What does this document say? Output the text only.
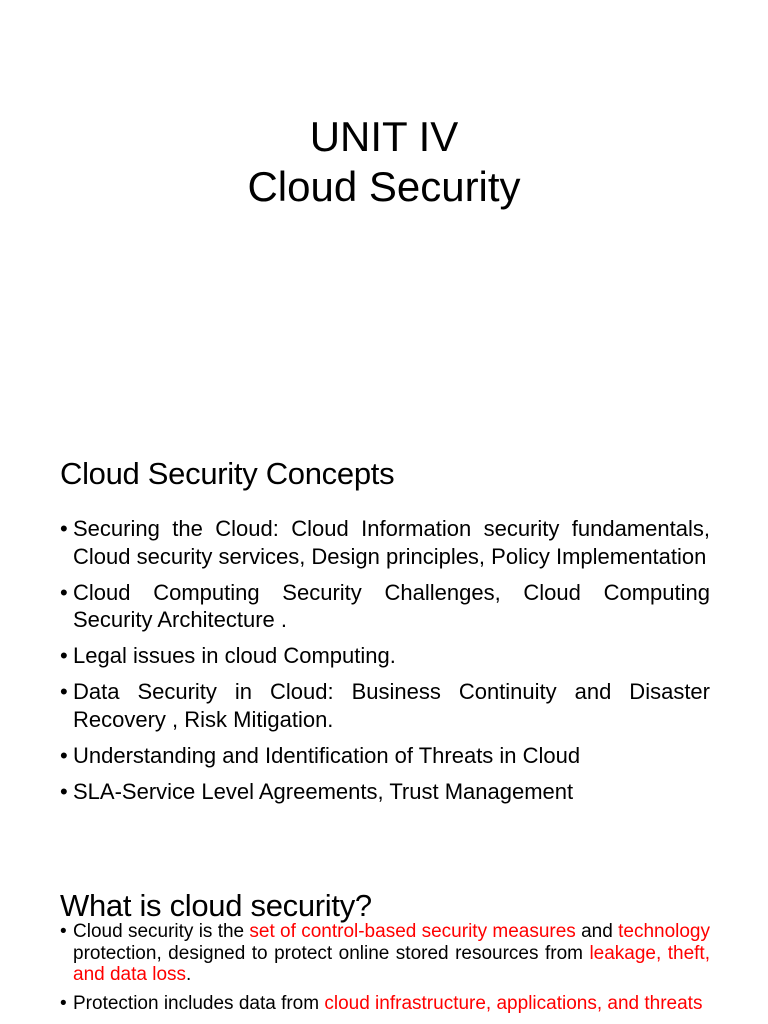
UNIT IV
Cloud Security
Cloud Security Concepts
• Securing the Cloud: Cloud Information security fundamentals, Cloud security services, Design principles, Policy Implementation
• Cloud Computing Security Challenges, Cloud Computing Security Architecture .
• Legal issues in cloud Computing.
• Data Security in Cloud: Business Continuity and Disaster Recovery , Risk Mitigation.
• Understanding and Identification of Threats in Cloud
• SLA-Service Level Agreements, Trust Management
What is cloud security?
• Cloud security is the set of control-based security measures and technology protection, designed to protect online stored resources from leakage, theft, and data loss.
• Protection includes data from cloud infrastructure, applications, and threats
